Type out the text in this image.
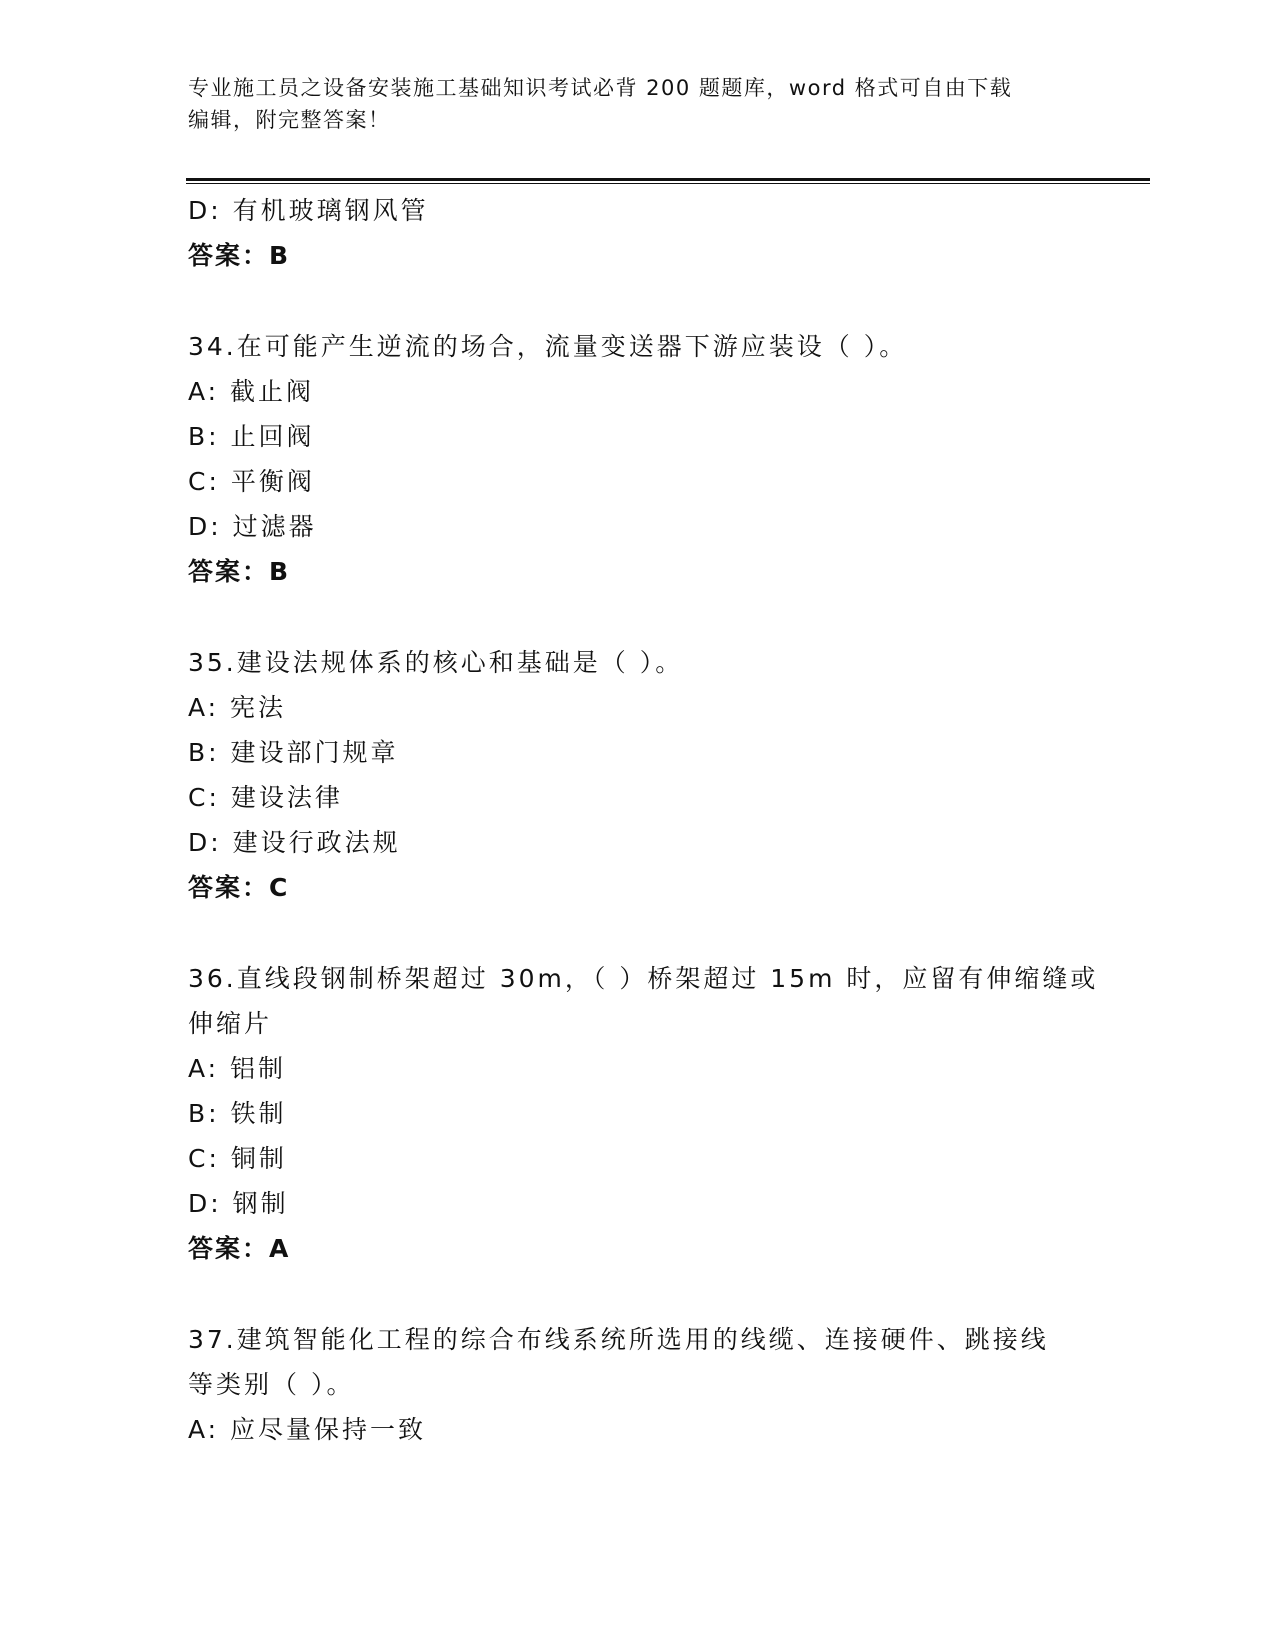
专业施工员之设备安装施工基础知识考试必背 200 题题库，word 格式可自由下载
编辑，附完整答案！
D: 有机玻璃钢风管
答案：B
34.在可能产生逆流的场合，流量变送器下游应装设（ ）。
A: 截止阀
B: 止回阀
C: 平衡阀
D: 过滤器
答案：B
35.建设法规体系的核心和基础是（ ）。
A: 宪法
B: 建设部门规章
C: 建设法律
D: 建设行政法规
答案：C
36.直线段钢制桥架超过 30m，（ ）桥架超过 15m 时，应留有伸缩缝或
伸缩片
A: 铝制
B: 铁制
C: 铜制
D: 钢制
答案：A
37.建筑智能化工程的综合布线系统所选用的线缆、连接硬件、跳接线
等类别（ ）。
A: 应尽量保持一致
